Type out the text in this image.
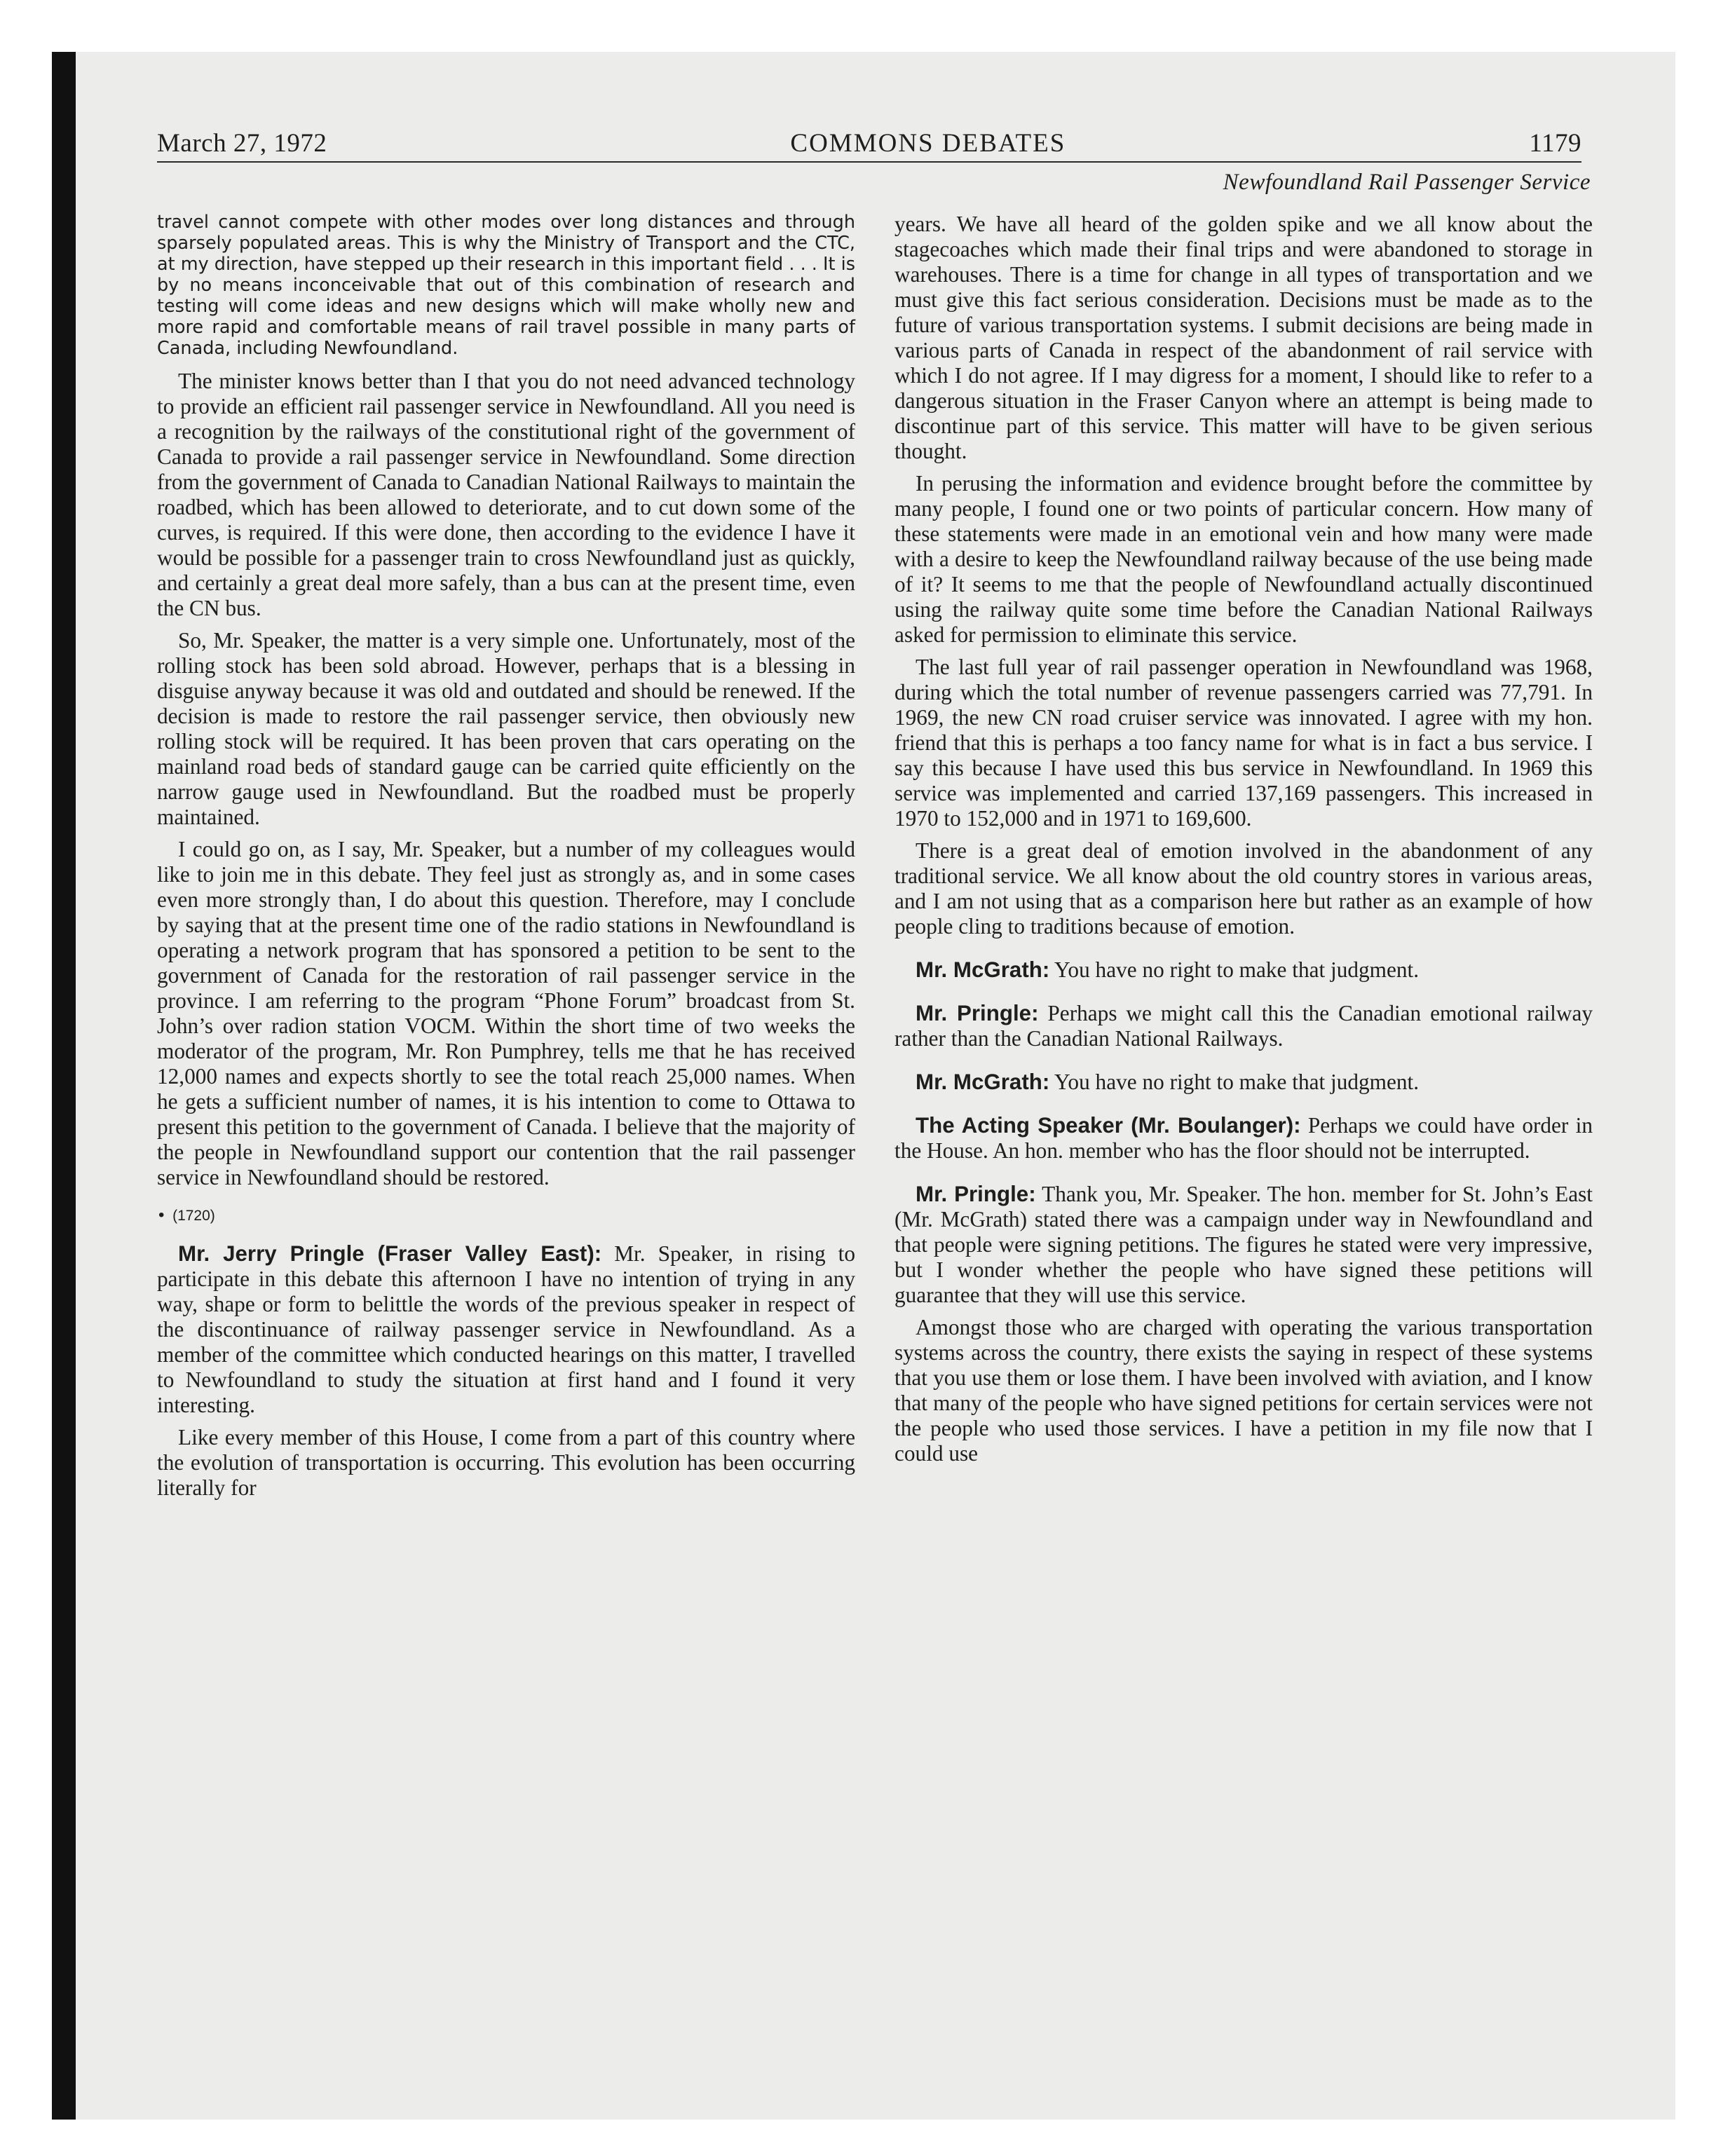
March 27, 1972	COMMONS DEBATES	1179
Newfoundland Rail Passenger Service

travel cannot compete with other modes over long distances and through sparsely populated areas. This is why the Ministry of Transport and the CTC, at my direction, have stepped up their research in this important field . . . It is by no means inconceivable that out of this combination of research and testing will come ideas and new designs which will make wholly new and more rapid and comfortable means of rail travel possible in many parts of Canada, including Newfoundland.

The minister knows better than I that you do not need advanced technology to provide an efficient rail passenger service in Newfoundland. All you need is a recognition by the railways of the constitutional right of the government of Canada to provide a rail passenger service in Newfoundland. Some direction from the government of Canada to Canadian National Railways to maintain the roadbed, which has been allowed to deteriorate, and to cut down some of the curves, is required. If this were done, then according to the evidence I have it would be possible for a passenger train to cross Newfoundland just as quickly, and certainly a great deal more safely, than a bus can at the present time, even the CN bus.

So, Mr. Speaker, the matter is a very simple one. Unfortunately, most of the rolling stock has been sold abroad. However, perhaps that is a blessing in disguise anyway because it was old and outdated and should be renewed. If the decision is made to restore the rail passenger service, then obviously new rolling stock will be required. It has been proven that cars operating on the mainland road beds of standard gauge can be carried quite efficiently on the narrow gauge used in Newfoundland. But the roadbed must be properly maintained.

I could go on, as I say, Mr. Speaker, but a number of my colleagues would like to join me in this debate. They feel just as strongly as, and in some cases even more strongly than, I do about this question. Therefore, may I conclude by saying that at the present time one of the radio stations in Newfoundland is operating a network program that has sponsored a petition to be sent to the government of Canada for the restoration of rail passenger service in the province. I am referring to the program “Phone Forum” broadcast from St. John’s over radion station VOCM. Within the short time of two weeks the moderator of the program, Mr. Ron Pumphrey, tells me that he has received 12,000 names and expects shortly to see the total reach 25,000 names. When he gets a sufficient number of names, it is his intention to come to Ottawa to present this petition to the government of Canada. I believe that the majority of the people in Newfoundland support our contention that the rail passenger service in Newfoundland should be restored.

• (1720)

Mr. Jerry Pringle (Fraser Valley East): Mr. Speaker, in rising to participate in this debate this afternoon I have no intention of trying in any way, shape or form to belittle the words of the previous speaker in respect of the discontinuance of railway passenger service in Newfoundland. As a member of the committee which conducted hearings on this matter, I travelled to Newfoundland to study the situation at first hand and I found it very interesting.

Like every member of this House, I come from a part of this country where the evolution of transportation is occurring. This evolution has been occurring literally for

years. We have all heard of the golden spike and we all know about the stagecoaches which made their final trips and were abandoned to storage in warehouses. There is a time for change in all types of transportation and we must give this fact serious consideration. Decisions must be made as to the future of various transportation systems. I submit decisions are being made in various parts of Canada in respect of the abandonment of rail service with which I do not agree. If I may digress for a moment, I should like to refer to a dangerous situation in the Fraser Canyon where an attempt is being made to discontinue part of this service. This matter will have to be given serious thought.

In perusing the information and evidence brought before the committee by many people, I found one or two points of particular concern. How many of these statements were made in an emotional vein and how many were made with a desire to keep the Newfoundland railway because of the use being made of it? It seems to me that the people of Newfoundland actually discontinued using the railway quite some time before the Canadian National Railways asked for permission to eliminate this service.

The last full year of rail passenger operation in Newfoundland was 1968, during which the total number of revenue passengers carried was 77,791. In 1969, the new CN road cruiser service was innovated. I agree with my hon. friend that this is perhaps a too fancy name for what is in fact a bus service. I say this because I have used this bus service in Newfoundland. In 1969 this service was implemented and carried 137,169 passengers. This increased in 1970 to 152,000 and in 1971 to 169,600.

There is a great deal of emotion involved in the abandonment of any traditional service. We all know about the old country stores in various areas, and I am not using that as a comparison here but rather as an example of how people cling to traditions because of emotion.

Mr. McGrath: You have no right to make that judgment.

Mr. Pringle: Perhaps we might call this the Canadian emotional railway rather than the Canadian National Railways.

Mr. McGrath: You have no right to make that judgment.

The Acting Speaker (Mr. Boulanger): Perhaps we could have order in the House. An hon. member who has the floor should not be interrupted.

Mr. Pringle: Thank you, Mr. Speaker. The hon. member for St. John’s East (Mr. McGrath) stated there was a campaign under way in Newfoundland and that people were signing petitions. The figures he stated were very impressive, but I wonder whether the people who have signed these petitions will guarantee that they will use this service.

Amongst those who are charged with operating the various transportation systems across the country, there exists the saying in respect of these systems that you use them or lose them. I have been involved with aviation, and I know that many of the people who have signed petitions for certain services were not the people who used those services. I have a petition in my file now that I could use
